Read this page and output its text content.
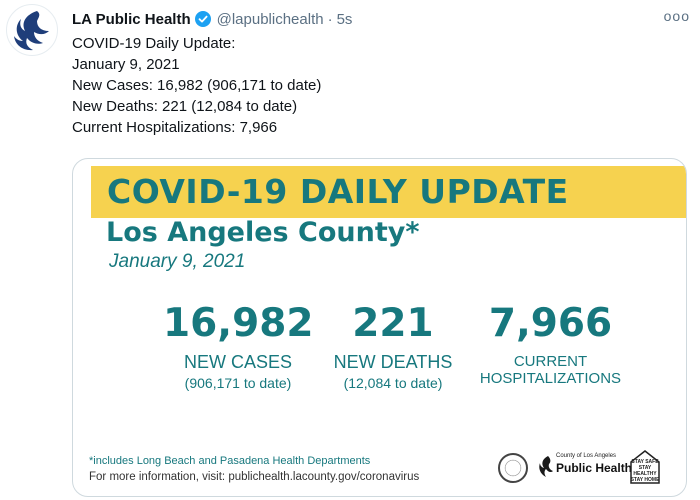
LA Public Health @lapublichealth · 5s	ooo
COVID-19 Daily Update:
January 9, 2021
New Cases: 16,982 (906,171 to date)
New Deaths: 221 (12,084 to date)
Current Hospitalizations: 7,966
COVID-19 DAILY UPDATE
Los Angeles County*
January 9, 2021
16,982
NEW CASES
(906,171 to date)
221
NEW DEATHS
(12,084 to date)
7,966
CURRENT
HOSPITALIZATIONS
*includes Long Beach and Pasadena Health Departments
For more information, visit: publichealth.lacounty.gov/coronavirus
County of Los Angeles
Public Health STAY SAFE STAY HEALTHY STAY HOME
